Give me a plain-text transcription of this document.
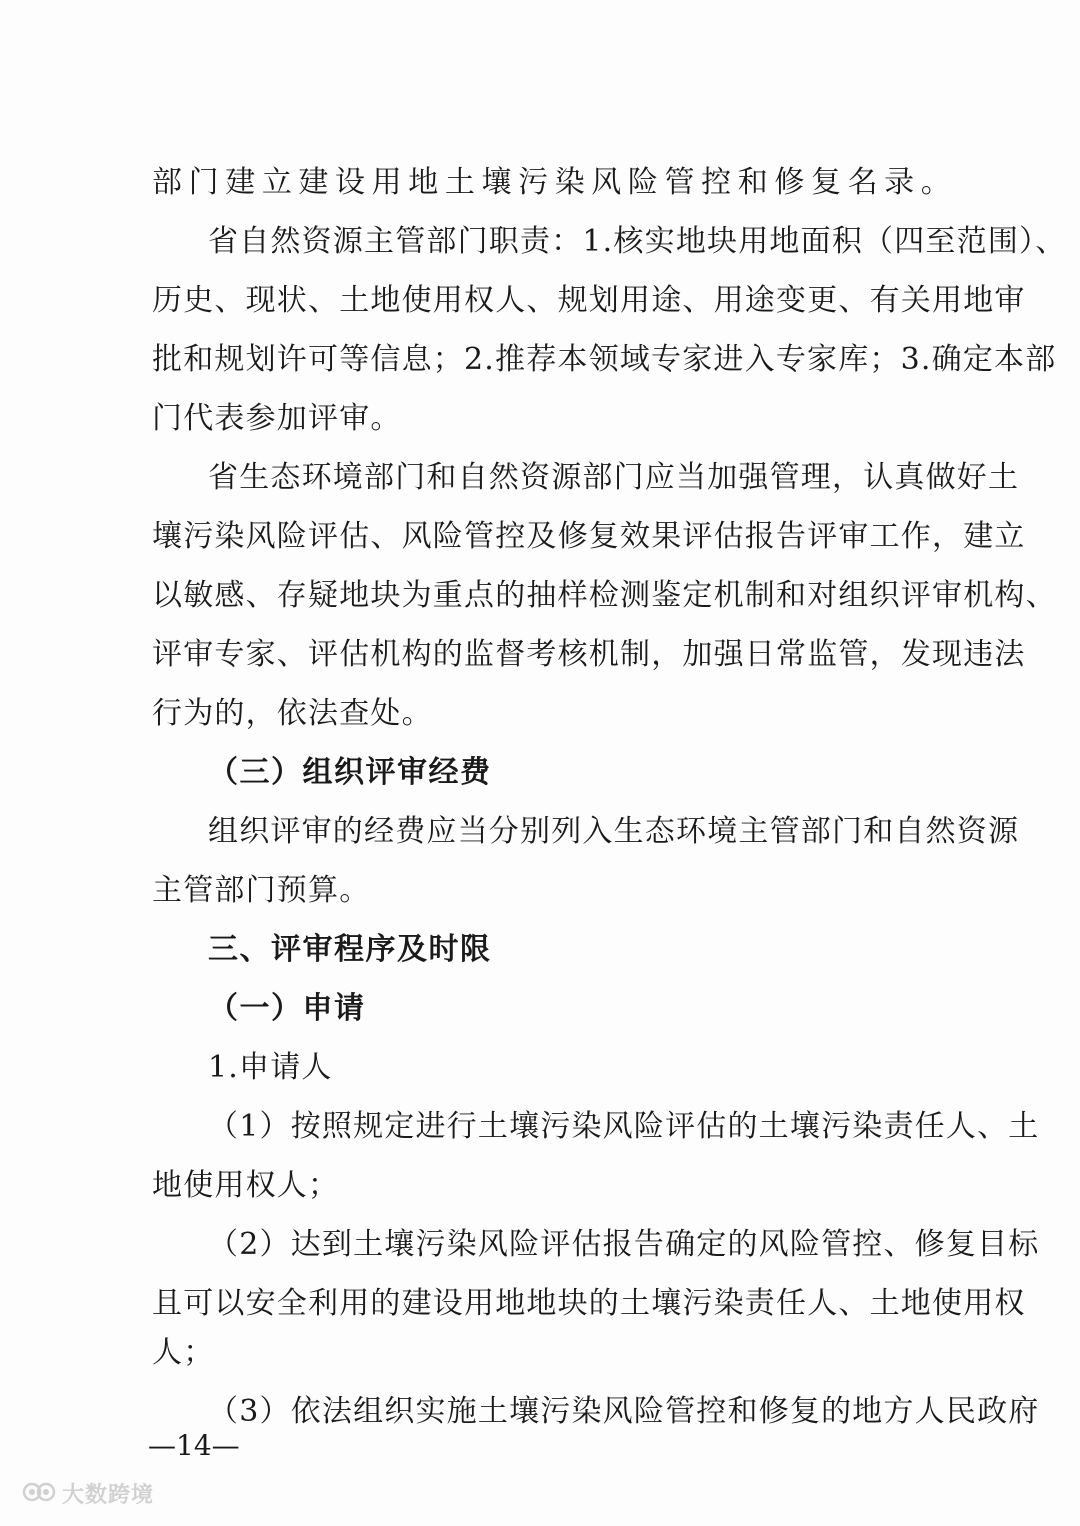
部门建立建设用地土壤污染风险管控和修复名录。
省自然资源主管部门职责：1.核实地块用地面积（四至范围）、
历史、现状、土地使用权人、规划用途、用途变更、有关用地审
批和规划许可等信息；2.推荐本领域专家进入专家库；3.确定本部
门代表参加评审。
省生态环境部门和自然资源部门应当加强管理，认真做好土
壤污染风险评估、风险管控及修复效果评估报告评审工作，建立
以敏感、存疑地块为重点的抽样检测鉴定机制和对组织评审机构、
评审专家、评估机构的监督考核机制，加强日常监管，发现违法
行为的，依法查处。
（三）组织评审经费
组织评审的经费应当分别列入生态环境主管部门和自然资源
主管部门预算。
三、评审程序及时限
（一）申请
1.申请人
（1）按照规定进行土壤污染风险评估的土壤污染责任人、土
地使用权人；
（2）达到土壤污染风险评估报告确定的风险管控、修复目标
且可以安全利用的建设用地地块的土壤污染责任人、土地使用权
人；
（3）依法组织实施土壤污染风险管控和修复的地方人民政府
—14—
大数跨境
